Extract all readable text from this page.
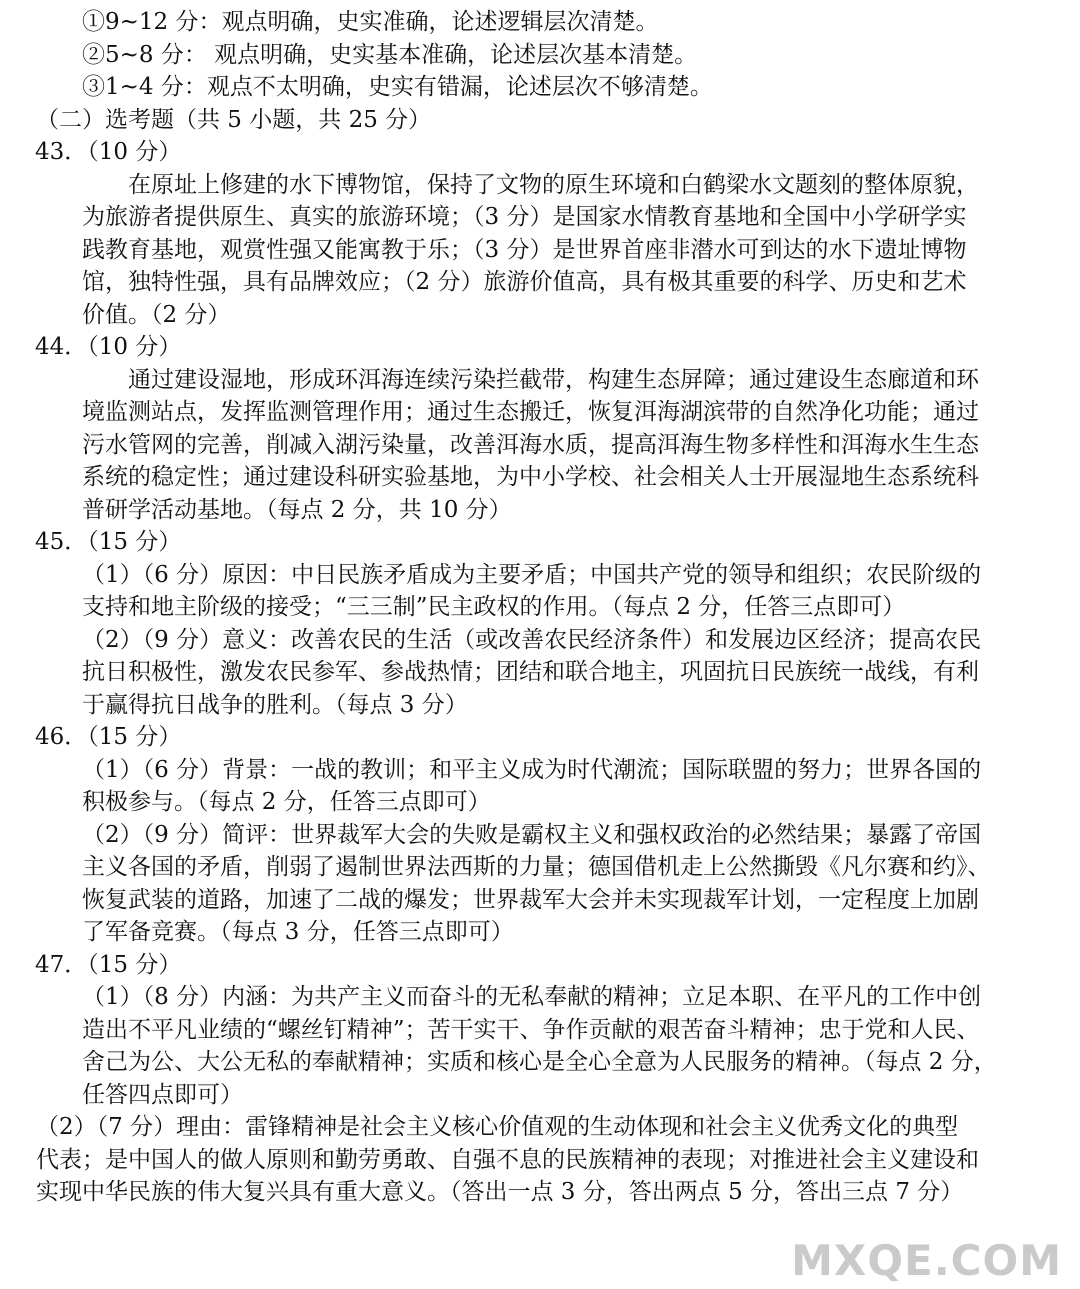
①9~12 分：观点明确，史实准确，论述逻辑层次清楚。
②5~8 分： 观点明确，史实基本准确，论述层次基本清楚。
③1~4 分：观点不太明确，史实有错漏，论述层次不够清楚。
（二）选考题（共 5 小题，共 25 分）
43．（10 分）
在原址上修建的水下博物馆，保持了文物的原生环境和白鹤梁水文题刻的整体原貌，
为旅游者提供原生、真实的旅游环境；（3 分）是国家水情教育基地和全国中小学研学实
践教育基地，观赏性强又能寓教于乐；（3 分）是世界首座非潜水可到达的水下遗址博物
馆，独特性强，具有品牌效应；（2 分）旅游价值高，具有极其重要的科学、历史和艺术
价值。（2 分）
44．（10 分）
通过建设湿地，形成环洱海连续污染拦截带，构建生态屏障；通过建设生态廊道和环
境监测站点，发挥监测管理作用；通过生态搬迁，恢复洱海湖滨带的自然净化功能；通过
污水管网的完善，削减入湖污染量，改善洱海水质，提高洱海生物多样性和洱海水生生态
系统的稳定性；通过建设科研实验基地，为中小学校、社会相关人士开展湿地生态系统科
普研学活动基地。（每点 2 分，共 10 分）
45．（15 分）
（1）（6 分）原因：中日民族矛盾成为主要矛盾；中国共产党的领导和组织；农民阶级的
支持和地主阶级的接受；“三三制”民主政权的作用。（每点 2 分，任答三点即可）
（2）（9 分）意义：改善农民的生活（或改善农民经济条件）和发展边区经济；提高农民
抗日积极性，激发农民参军、参战热情；团结和联合地主，巩固抗日民族统一战线，有利
于赢得抗日战争的胜利。（每点 3 分）
46．（15 分）
（1）（6 分）背景：一战的教训；和平主义成为时代潮流；国际联盟的努力；世界各国的
积极参与。（每点 2 分，任答三点即可）
（2）（9 分）简评：世界裁军大会的失败是霸权主义和强权政治的必然结果；暴露了帝国
主义各国的矛盾，削弱了遏制世界法西斯的力量；德国借机走上公然撕毁《凡尔赛和约》、
恢复武装的道路，加速了二战的爆发；世界裁军大会并未实现裁军计划，一定程度上加剧
了军备竞赛。（每点 3 分，任答三点即可）
47．（15 分）
（1）（8 分）内涵：为共产主义而奋斗的无私奉献的精神；立足本职、在平凡的工作中创
造出不平凡业绩的“螺丝钉精神”；苦干实干、争作贡献的艰苦奋斗精神；忠于党和人民、
舍己为公、大公无私的奉献精神；实质和核心是全心全意为人民服务的精神。（每点 2 分，
任答四点即可）
（2）（7 分）理由：雷锋精神是社会主义核心价值观的生动体现和社会主义优秀文化的典型
代表；是中国人的做人原则和勤劳勇敢、自强不息的民族精神的表现；对推进社会主义建设和
实现中华民族的伟大复兴具有重大意义。（答出一点 3 分，答出两点 5 分，答出三点 7 分）
MXQE.COM
